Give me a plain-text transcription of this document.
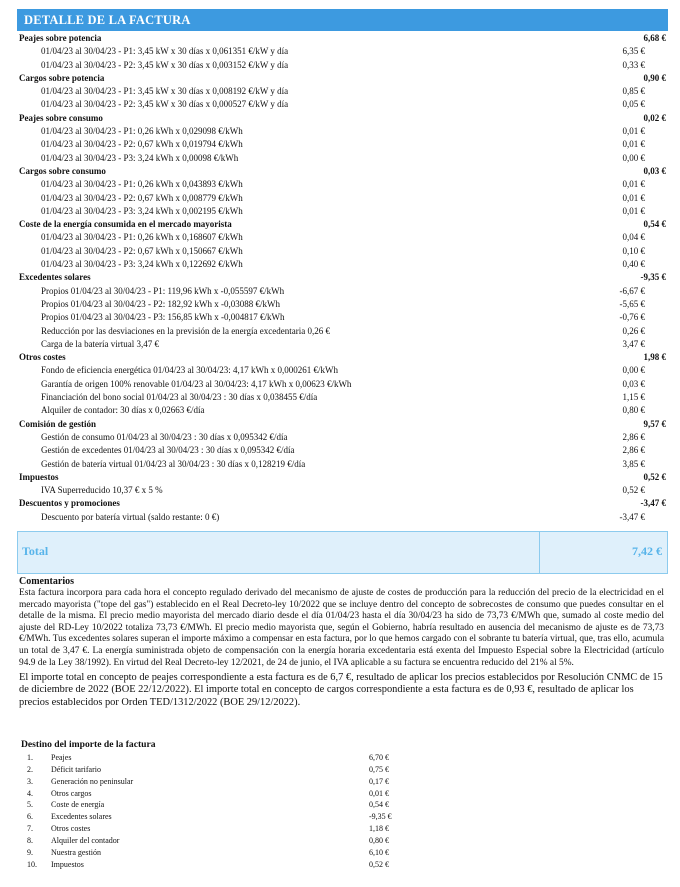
DETALLE DE LA FACTURA
Peajes sobre potencia	6,68 €
01/04/23 al 30/04/23 - P1: 3,45 kW x 30 días x 0,061351 €/kW y día	6,35 €
01/04/23 al 30/04/23 - P2: 3,45 kW x 30 días x 0,003152 €/kW y día	0,33 €
Cargos sobre potencia	0,90 €
01/04/23 al 30/04/23 - P1: 3,45 kW x 30 días x 0,008192 €/kW y día	0,85 €
01/04/23 al 30/04/23 - P2: 3,45 kW x 30 días x 0,000527 €/kW y día	0,05 €
Peajes sobre consumo	0,02 €
01/04/23 al 30/04/23 - P1: 0,26 kWh x 0,029098 €/kWh	0,01 €
01/04/23 al 30/04/23 - P2: 0,67 kWh x 0,019794 €/kWh	0,01 €
01/04/23 al 30/04/23 - P3: 3,24 kWh x 0,00098 €/kWh	0,00 €
Cargos sobre consumo	0,03 €
01/04/23 al 30/04/23 - P1: 0,26 kWh x 0,043893 €/kWh	0,01 €
01/04/23 al 30/04/23 - P2: 0,67 kWh x 0,008779 €/kWh	0,01 €
01/04/23 al 30/04/23 - P3: 3,24 kWh x 0,002195 €/kWh	0,01 €
Coste de la energía consumida en el mercado mayorista	0,54 €
01/04/23 al 30/04/23 - P1: 0,26 kWh x 0,168607 €/kWh	0,04 €
01/04/23 al 30/04/23 - P2: 0,67 kWh x 0,150667 €/kWh	0,10 €
01/04/23 al 30/04/23 - P3: 3,24 kWh x 0,122692 €/kWh	0,40 €
Excedentes solares	-9,35 €
Propios 01/04/23 al 30/04/23 - P1: 119,96 kWh x -0,055597 €/kWh	-6,67 €
Propios 01/04/23 al 30/04/23 - P2: 182,92 kWh x -0,03088 €/kWh	-5,65 €
Propios 01/04/23 al 30/04/23 - P3: 156,85 kWh x -0,004817 €/kWh	-0,76 €
Reducción por las desviaciones en la previsión de la energía excedentaria 0,26 €	0,26 €
Carga de la batería virtual 3,47 €	3,47 €
Otros costes	1,98 €
Fondo de eficiencia energética 01/04/23 al 30/04/23: 4,17 kWh x 0,000261 €/kWh	0,00 €
Garantía de origen 100% renovable 01/04/23 al 30/04/23: 4,17 kWh x 0,00623 €/kWh	0,03 €
Financiación del bono social 01/04/23 al 30/04/23 : 30 días x 0,038455 €/día	1,15 €
Alquiler de contador: 30 días x 0,02663 €/día	0,80 €
Comisión de gestión	9,57 €
Gestión de consumo 01/04/23 al 30/04/23 : 30 días x 0,095342 €/día	2,86 €
Gestión de excedentes 01/04/23 al 30/04/23 : 30 días x 0,095342 €/día	2,86 €
Gestión de batería virtual 01/04/23 al 30/04/23 : 30 días x 0,128219 €/día	3,85 €
Impuestos	0,52 €
IVA Superreducido 10,37 € x 5 %	0,52 €
Descuentos y promociones	-3,47 €
Descuento por batería virtual (saldo restante: 0 €)	-3,47 €
Total	7,42 €
Comentarios

Esta factura incorpora para cada hora el concepto regulado derivado del mecanismo de ajuste de costes de producción para la reducción del precio de la electricidad en el mercado mayorista ("tope del gas") establecido en el Real Decreto-ley 10/2022 que se incluye dentro del concepto de sobrecostes de consumo que puedes consultar en el detalle de la misma. El precio medio mayorista del mercado diario desde el día 01/04/23 hasta el día 30/04/23 ha sido de 73,73 €/MWh que, sumado al coste medio del ajuste del RD-Ley 10/2022 totaliza 73,73 €/MWh. El precio medio mayorista que, según el Gobierno, habría resultado en ausencia del mecanismo de ajuste es de 73,73 €/MWh. Tus excedentes solares superan el importe máximo a compensar en esta factura, por lo que hemos cargado con el sobrante tu batería virtual, que, tras ello, acumula un total de 3,47 €. La energía suministrada objeto de compensación con la energía horaria excedentaria está exenta del Impuesto Especial sobre la Electricidad (artículo 94.9 de la Ley 38/1992). En virtud del Real Decreto-ley 12/2021, de 24 de junio, el IVA aplicable a su factura se encuentra reducido del 21% al 5%.

El importe total en concepto de peajes correspondiente a esta factura es de 6,7 €, resultado de aplicar los precios establecidos por Resolución CNMC de 15 de diciembre de 2022 (BOE 22/12/2022). El importe total en concepto de cargos correspondiente a esta factura es de 0,93 €, resultado de aplicar los precios establecidos por Orden TED/1312/2022 (BOE 29/12/2022).

Destino del importe de la factura
1. Peajes	6,70 €
2. Déficit tarifario	0,75 €
3. Generación no peninsular	0,17 €
4. Otros cargos	0,01 €
5. Coste de energía	0,54 €
6. Excedentes solares	-9,35 €
7. Otros costes	1,18 €
8. Alquiler del contador	0,80 €
9. Nuestra gestión	6,10 €
10. Impuestos	0,52 €
